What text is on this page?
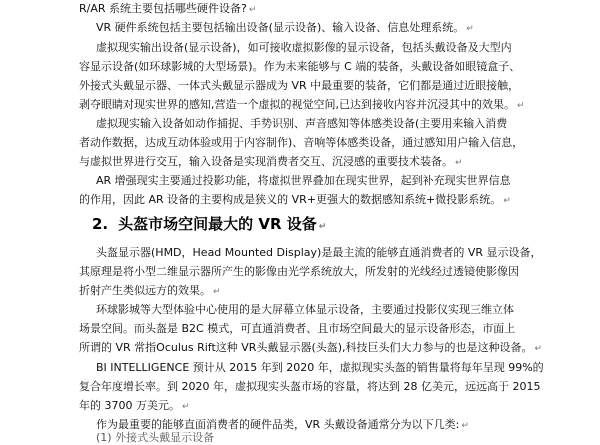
R/AR 系统主要包括哪些硬件设备? ↵
VR 硬件系统包括主要包括输出设备(显示设备)、输入设备、信息处理系统。 ↵
虚拟现实输出设备(显示设备)，如可接收虚拟影像的显示设备，包括头戴设备及大型内
容显示设备(如环球影城的大型场景)。作为未来能够与 C 端的装备，头戴设备如眼镜盒子、
外接式头戴显示器、一体式头戴显示器成为 VR 中最重要的装备，它们都是通过近眼接触，
剥夺眼睛对现实世界的感知,营造一个虚拟的视觉空间,已达到接收内容并沉浸其中的效果。 ↵
虚拟现实输入设备如动作捕捉、手势识别、声音感知等体感类设备(主要用来输入消费
者动作数据，达成互动体验或用于内容制作)、音响等体感类设备，通过感知用户输入信息，
与虚拟世界进行交互，输入设备是实现消费者交互、沉浸感的重要技术装备。 ↵
AR 增强现实主要通过投影功能，将虚拟世界叠加在现实世界，起到补充现实世界信息
的作用，因此 AR 设备的主要构成是狭义的 VR+更强大的数据感知系统+微投影系统。 ↵
2. 头盔市场空间最大的 VR 设备 ↵
头盔显示器(HMD，Head Mounted Display)是最主流的能够直通消费者的 VR 显示设备，
其原理是将小型二维显示器所产生的影像由光学系统放大，所发射的光线经过透镜使影像因
折射产生类似远方的效果。 ↵
环球影城等大型体验中心使用的是大屏幕立体显示设备，主要通过投影仪实现三维立体
场景空间。而头盔是 B2C 模式，可直通消费者、且市场空间最大的显示设备形态，市面上
所谓的 VR 常指Oculus Rift这种 VR头戴显示器(头盔),科技巨头们大力参与的也是这种设备。 ↵
BI INTELLIGENCE 预计从 2015 年到 2020 年，虚拟现实头盔的销售量将每年呈现 99%的
复合年度增长率。到 2020 年，虚拟现实头盔市场的容量，将达到 28 亿美元，远远高于 2015
年的 3700 万美元。 ↵
作为最重要的能够直面消费者的硬件品类，VR 头戴设备通常分为以下几类: ↵
(1) 外接式头戴显示设备
